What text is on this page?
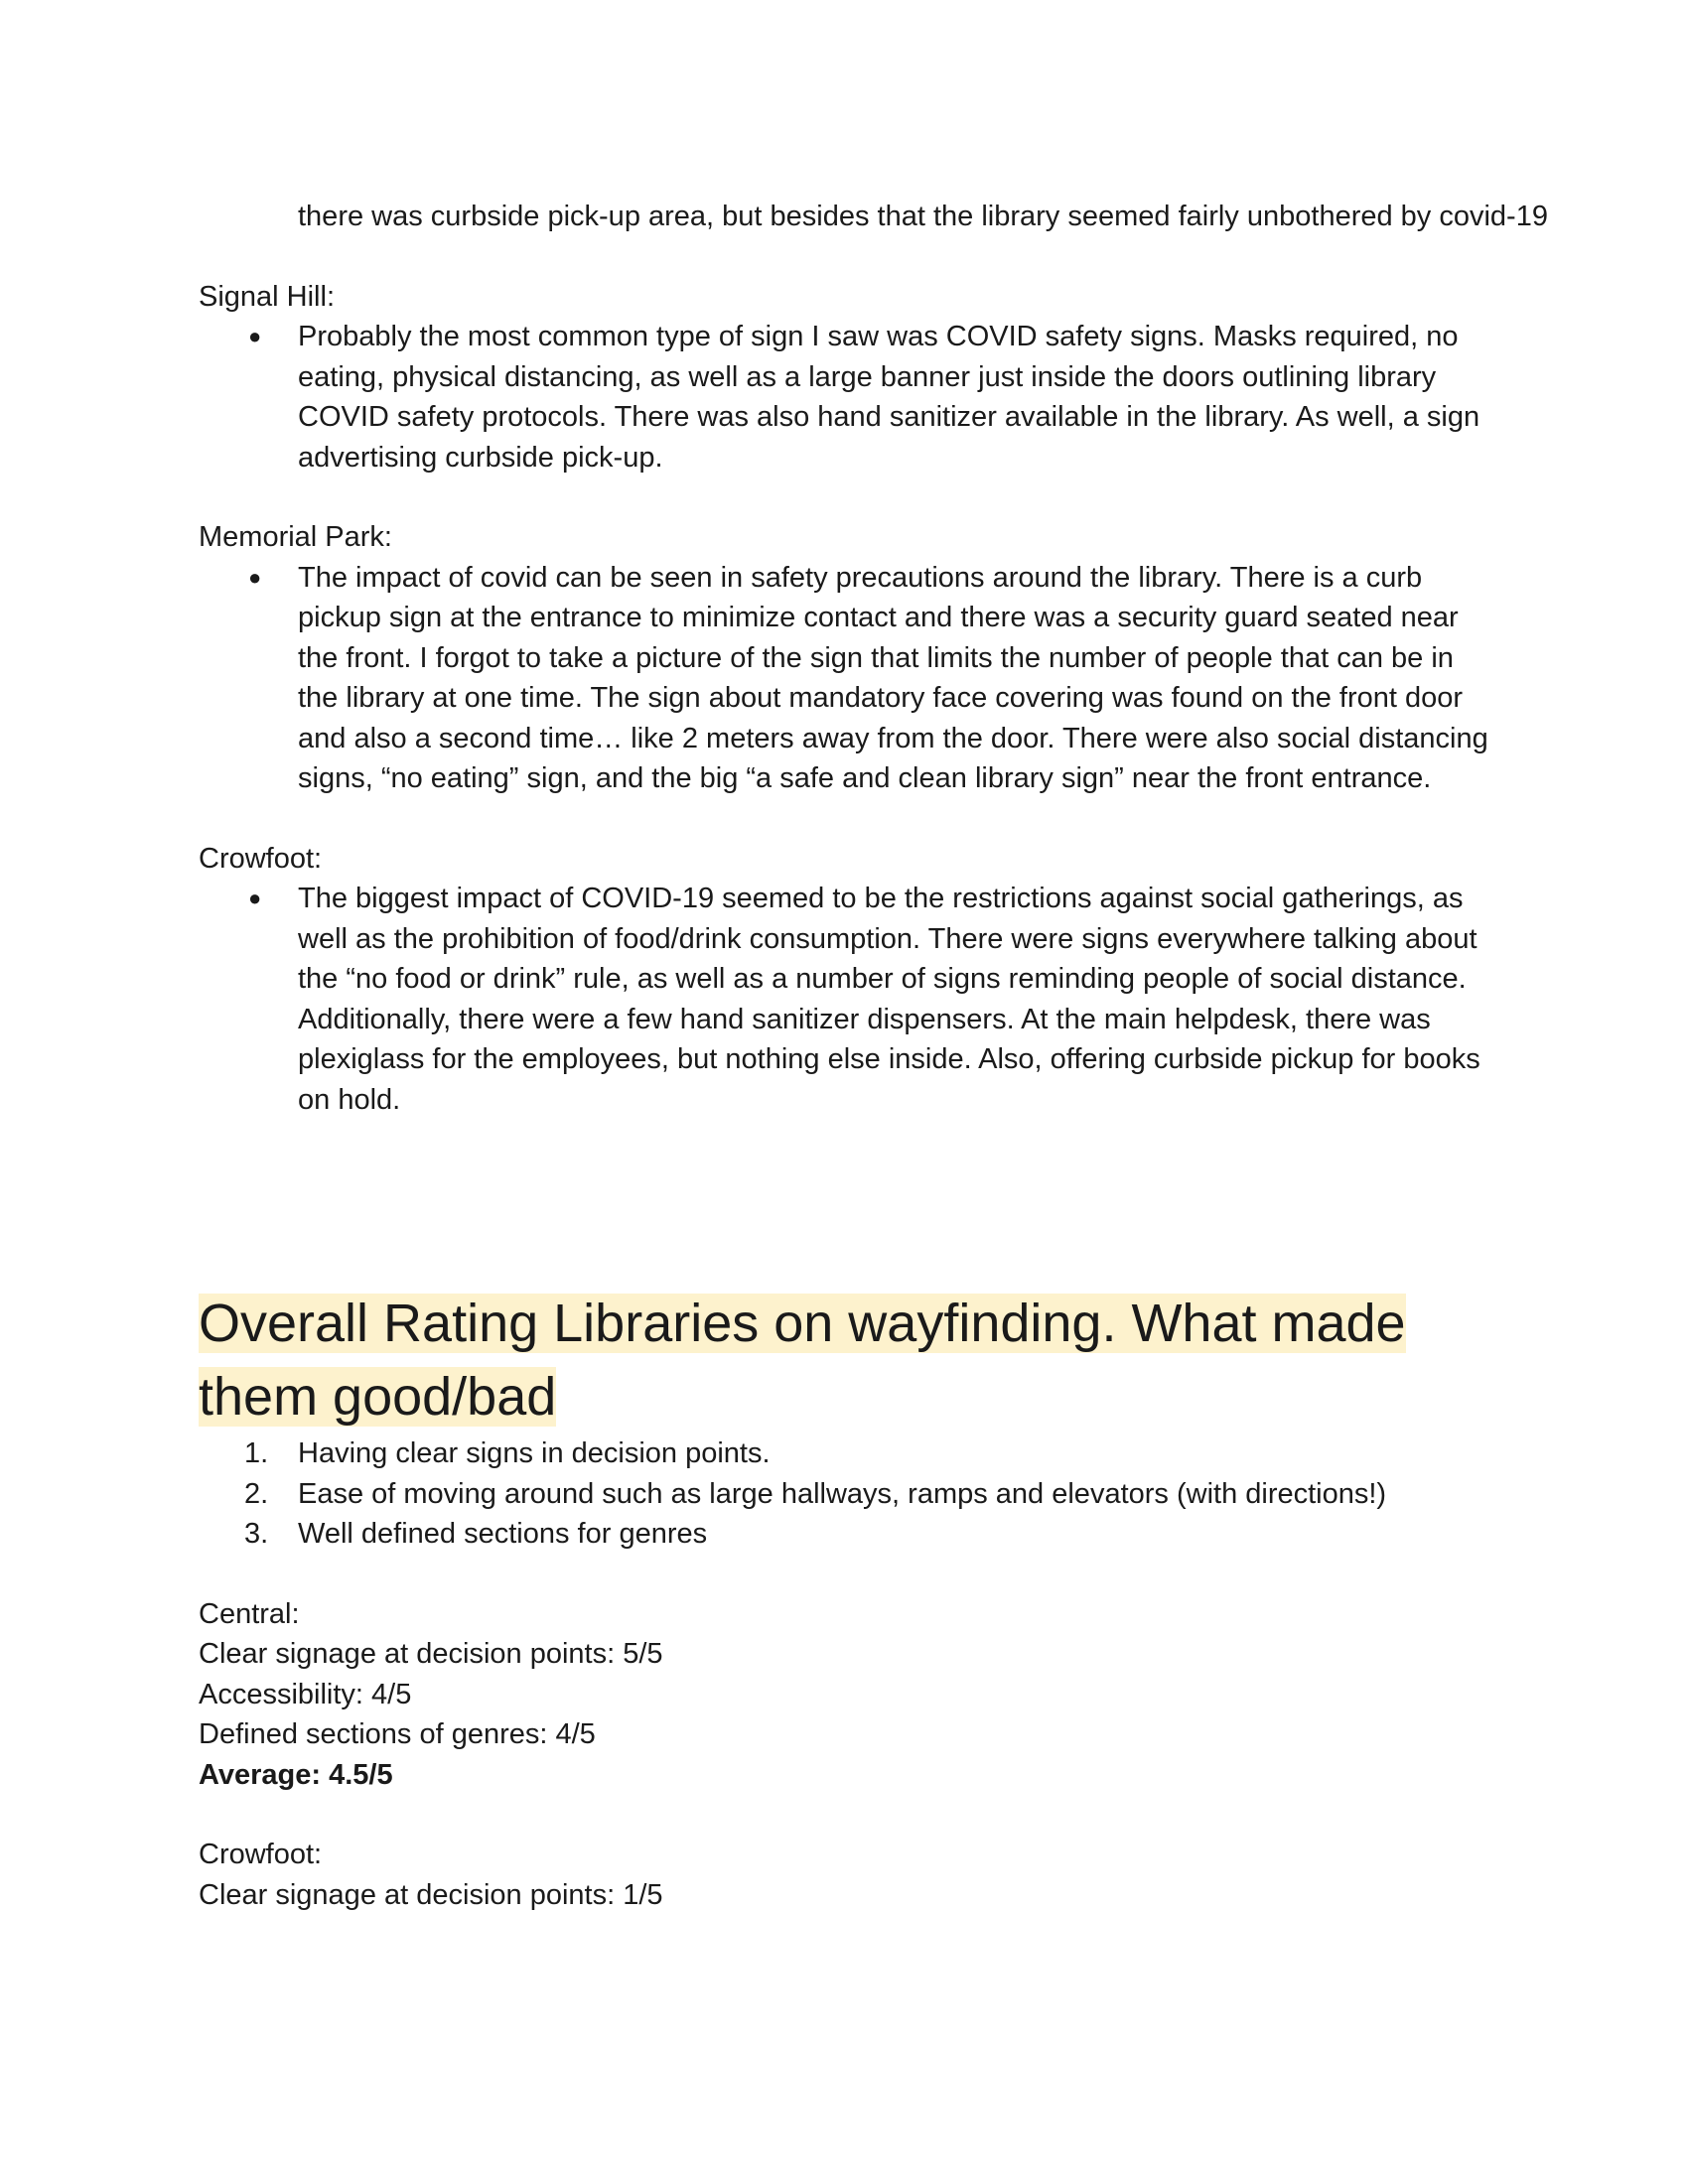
there was curbside pick-up area, but besides that the library seemed fairly unbothered by covid-19

Signal Hill:

●	Probably the most common type of sign I saw was COVID safety signs. Masks required, no eating, physical distancing, as well as a large banner just inside the doors outlining library COVID safety protocols. There was also hand sanitizer available in the library. As well, a sign advertising curbside pick-up.

Memorial Park:

●	The impact of covid can be seen in safety precautions around the library. There is a curb pickup sign at the entrance to minimize contact and there was a security guard seated near the front. I forgot to take a picture of the sign that limits the number of people that can be in the library at one time. The sign about mandatory face covering was found on the front door and also a second time… like 2 meters away from the door. There were also social distancing signs, “no eating” sign, and the big “a safe and clean library sign” near the front entrance.

Crowfoot:

●	The biggest impact of COVID-19 seemed to be the restrictions against social gatherings, as well as the prohibition of food/drink consumption. There were signs everywhere talking about the “no food or drink” rule, as well as a number of signs reminding people of social distance. Additionally, there were a few hand sanitizer dispensers. At the main helpdesk, there was plexiglass for the employees, but nothing else inside. Also, offering curbside pickup for books on hold.
Overall Rating Libraries on wayfinding. What made
them good/bad
1.	Having clear signs in decision points.
2.	Ease of moving around such as large hallways, ramps and elevators (with directions!)
3.	Well defined sections for genres

Central:

Clear signage at decision points: 5/5

Accessibility: 4/5

Defined sections of genres: 4/5

Average: 4.5/5

Crowfoot:

Clear signage at decision points: 1/5
